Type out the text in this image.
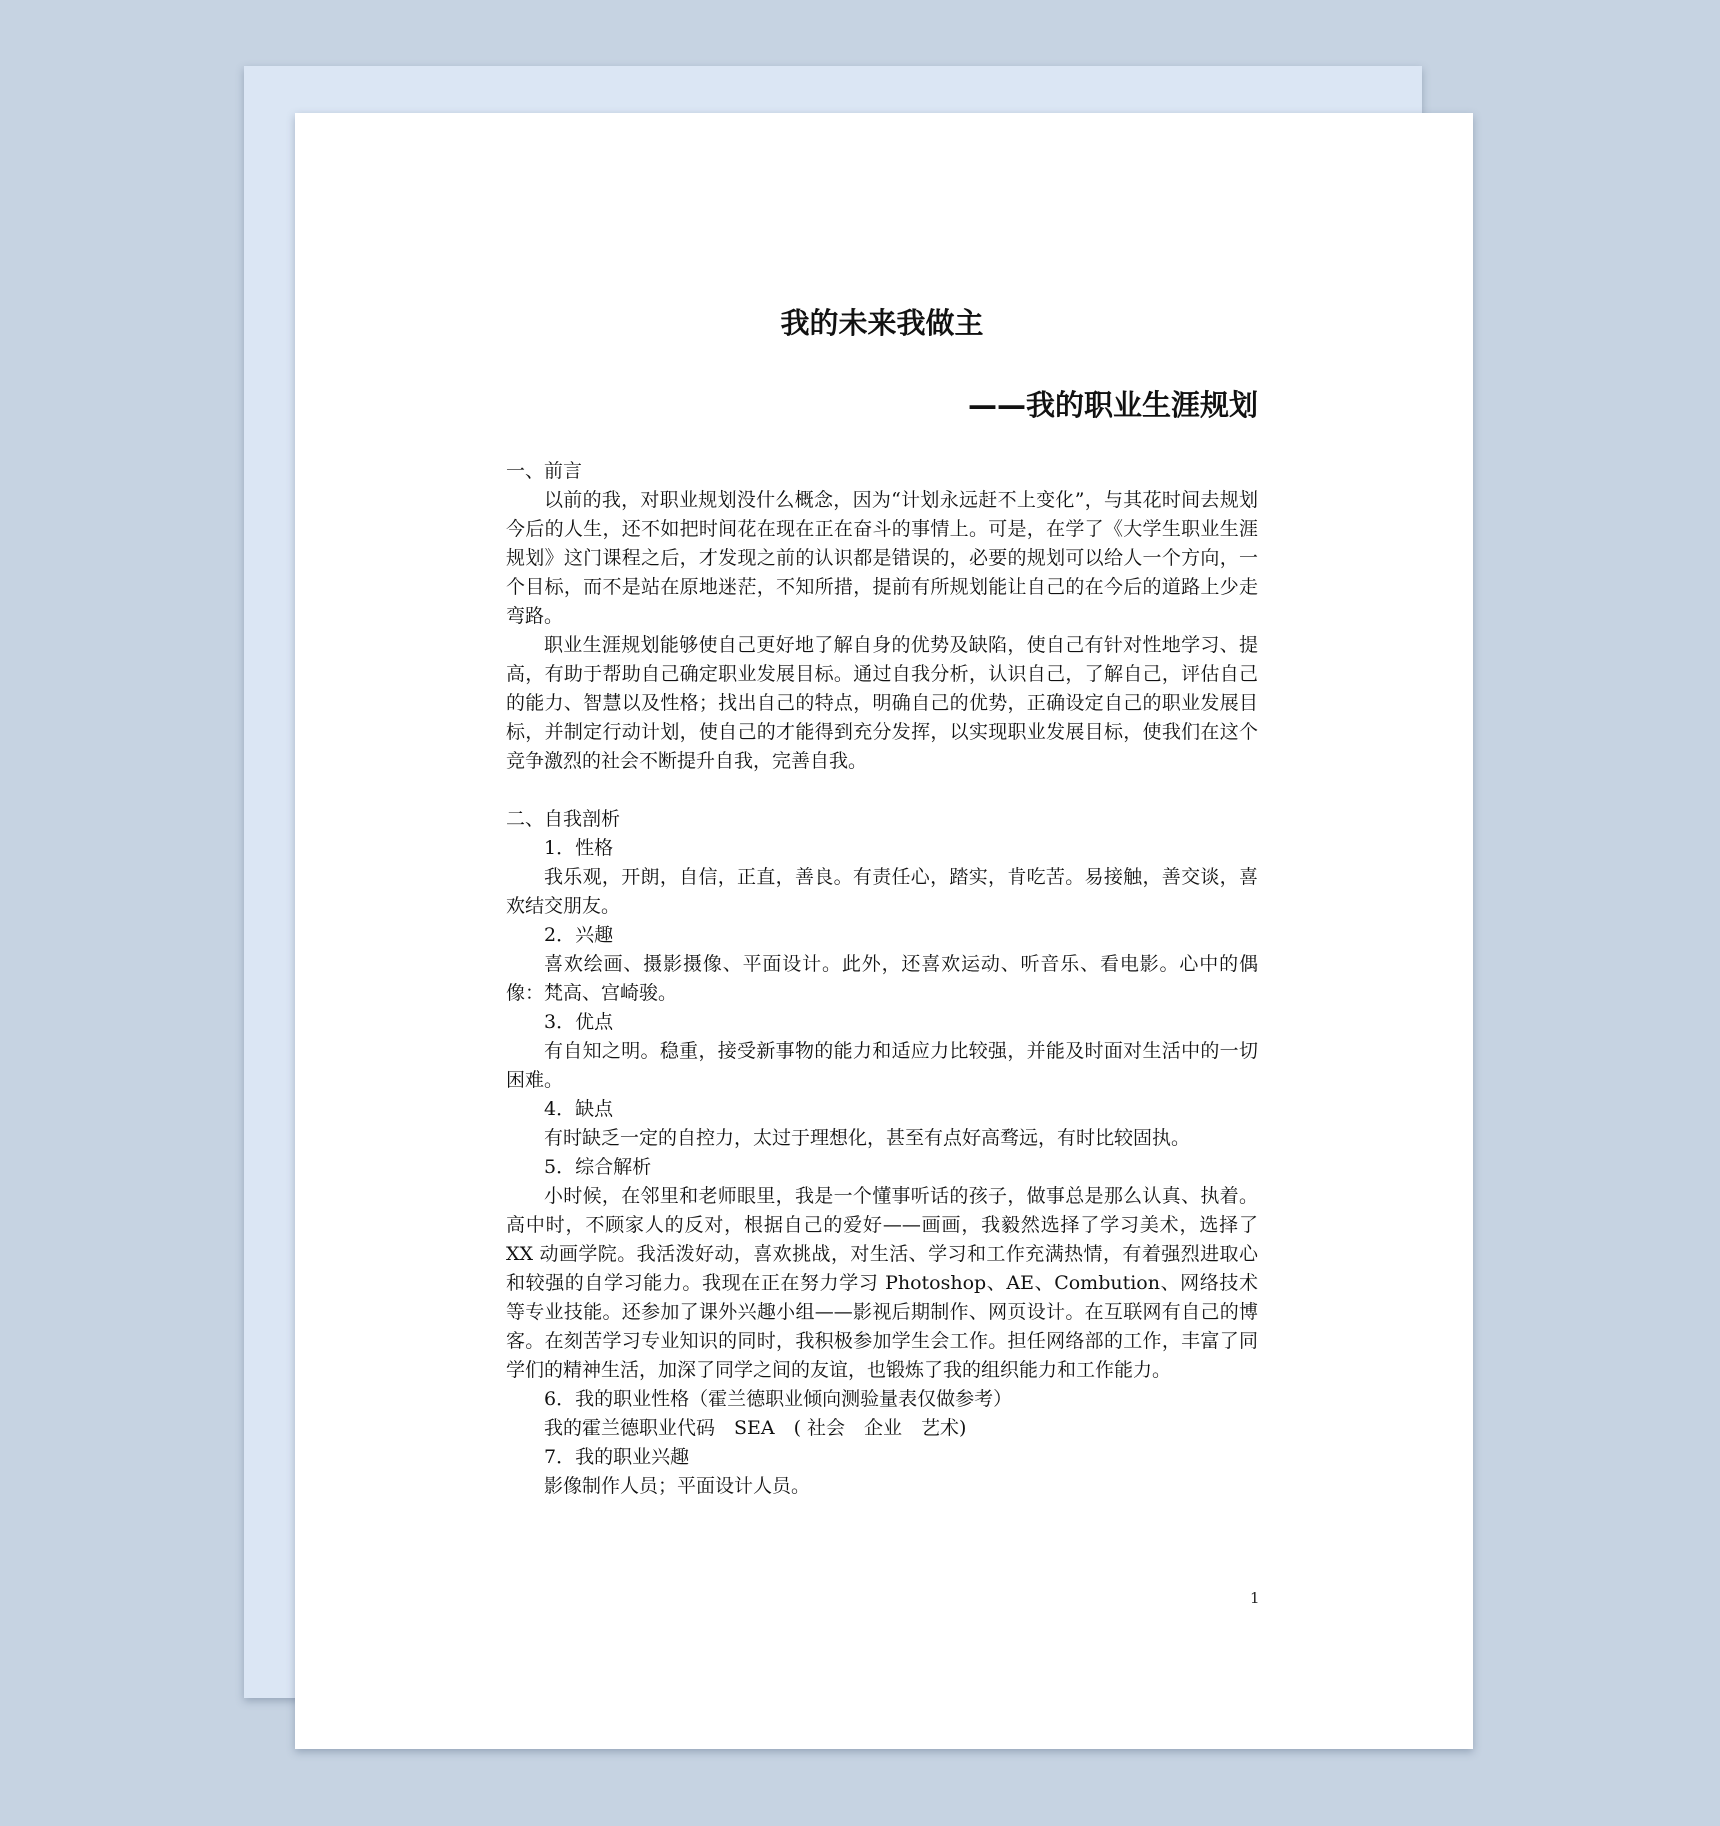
我的未来我做主
——我的职业生涯规划

一、前言

以前的我，对职业规划没什么概念，因为“计划永远赶不上变化”，与其花时间去规划今后的人生，还不如把时间花在现在正在奋斗的事情上。可是，在学了《大学生职业生涯规划》这门课程之后，才发现之前的认识都是错误的，必要的规划可以给人一个方向，一个目标，而不是站在原地迷茫，不知所措，提前有所规划能让自己的在今后的道路上少走弯路。

职业生涯规划能够使自己更好地了解自身的优势及缺陷，使自己有针对性地学习、提高，有助于帮助自己确定职业发展目标。通过自我分析，认识自己，了解自己，评估自己的能力、智慧以及性格；找出自己的特点，明确自己的优势，正确设定自己的职业发展目标，并制定行动计划，使自己的才能得到充分发挥，以实现职业发展目标，使我们在这个竞争激烈的社会不断提升自我，完善自我。

二、自我剖析

1．性格

我乐观，开朗，自信，正直，善良。有责任心，踏实，肯吃苦。易接触，善交谈，喜欢结交朋友。

2．兴趣

喜欢绘画、摄影摄像、平面设计。此外，还喜欢运动、听音乐、看电影。心中的偶像：梵高、宫崎骏。

3．优点

有自知之明。稳重，接受新事物的能力和适应力比较强，并能及时面对生活中的一切困难。

4．缺点

有时缺乏一定的自控力，太过于理想化，甚至有点好高骛远，有时比较固执。

5．综合解析

小时候，在邻里和老师眼里，我是一个懂事听话的孩子，做事总是那么认真、执着。高中时，不顾家人的反对，根据自己的爱好——画画，我毅然选择了学习美术，选择了 XX 动画学院。我活泼好动，喜欢挑战，对生活、学习和工作充满热情，有着强烈进取心和较强的自学习能力。我现在正在努力学习 Photoshop、AE、Combution、网络技术等专业技能。还参加了课外兴趣小组——影视后期制作、网页设计。在互联网有自己的博客。在刻苦学习专业知识的同时，我积极参加学生会工作。担任网络部的工作，丰富了同学们的精神生活，加深了同学之间的友谊，也锻炼了我的组织能力和工作能力。

6．我的职业性格（霍兰德职业倾向测验量表仅做参考）

我的霍兰德职业代码　SEA　( 社会　企业　艺术)

7．我的职业兴趣

影像制作人员；平面设计人员。

1
